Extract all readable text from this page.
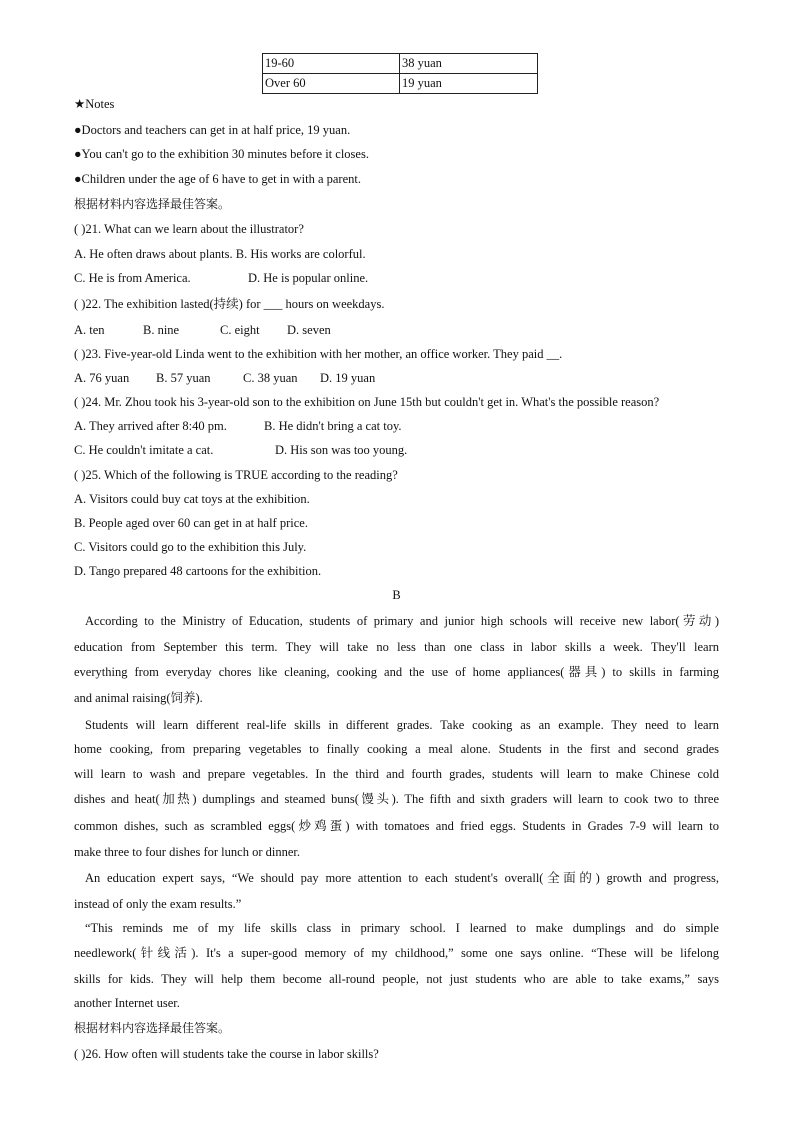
19-60	38 yuan
Over 60	19 yuan
★Notes
●Doctors and teachers can get in at half price, 19 yuan.
●You can't go to the exhibition 30 minutes before it closes.
●Children under the age of 6 have to get in with a parent.
根据材料内容选择最佳答案。
( )21. What can we learn about the illustrator?
A. He often draws about plants. B. His works are colorful.
C. He is from America.	D. He is popular online.
( )22. The exhibition lasted(持续) for ___ hours on weekdays.
A. ten	B. nine	C. eight D. seven
( )23. Five-year-old Linda went to the exhibition with her mother, an office worker. They paid __.
A. 76 yuan B. 57 yuan	C. 38 yuan D. 19 yuan
( )24. Mr. Zhou took his 3-year-old son to the exhibition on June 15th but couldn't get in. What's the possible reason?
A. They arrived after 8:40 pm.	B. He didn't bring a cat toy.
C. He couldn't imitate a cat.	D. His son was too young.
( )25. Which of the following is TRUE according to the reading?
A. Visitors could buy cat toys at the exhibition.
B. People aged over 60 can get in at half price.
C. Visitors could go to the exhibition this July.
D. Tango prepared 48 cartoons for the exhibition.
B
According to the Ministry of Education, students of primary and junior high schools will receive new labor(劳动)
education from September this term. They will take no less than one class in labor skills a week. They'll learn
everything from everyday chores like cleaning, cooking and the use of home appliances(器具) to skills in farming
and animal raising(饲养).
Students will learn different real-life skills in different grades. Take cooking as an example. They need to learn
home cooking, from preparing vegetables to finally cooking a meal alone. Students in the first and second grades
will learn to wash and prepare vegetables. In the third and fourth grades, students will learn to make Chinese cold
dishes and heat(加热) dumplings and steamed buns(馒头). The fifth and sixth graders will learn to cook two to three
common dishes, such as scrambled eggs(炒鸡蛋) with tomatoes and fried eggs. Students in Grades 7-9 will learn to
make three to four dishes for lunch or dinner.
An education expert says, “We should pay more attention to each student's overall(全面的) growth and progress,
instead of only the exam results.”
“This reminds me of my life skills class in primary school. I learned to make dumplings and do simple
needlework(针线活). It's a super-good memory of my childhood,” some one says online. “These will be lifelong
skills for kids. They will help them become all-round people, not just students who are able to take exams,” says
another Internet user.
根据材料内容选择最佳答案。
( )26. How often will students take the course in labor skills?
